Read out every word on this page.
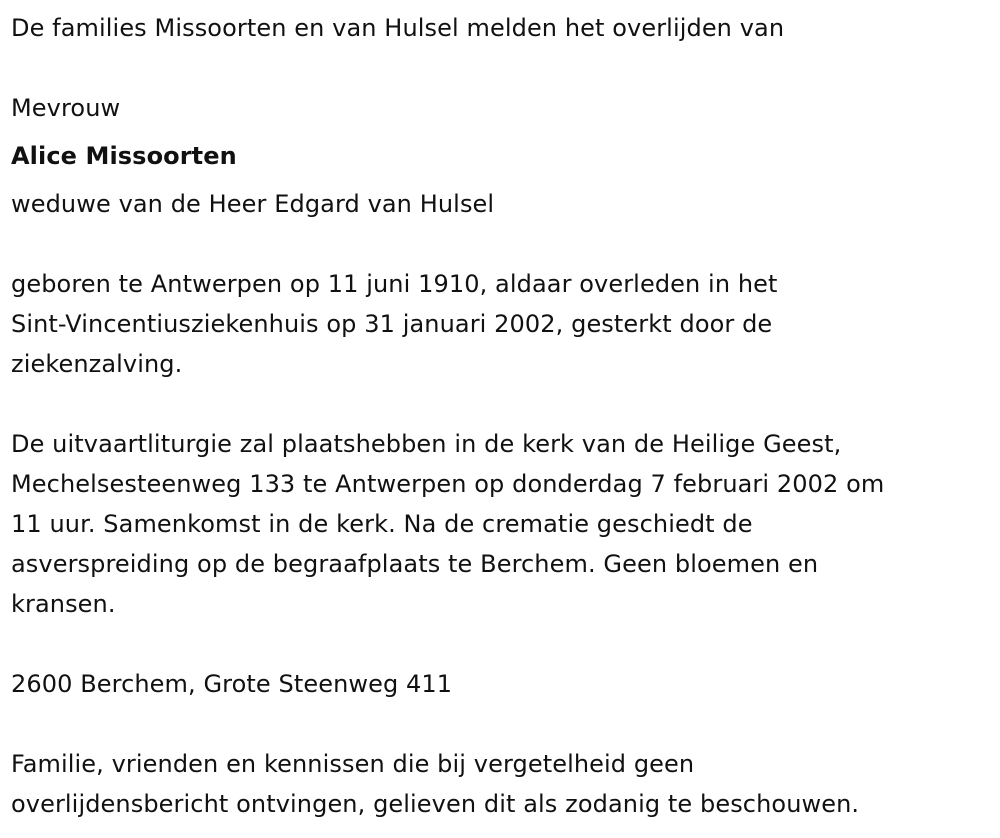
De families Missoorten en van Hulsel melden het overlijden van
Mevrouw
Alice Missoorten
weduwe van de Heer Edgard van Hulsel
geboren te Antwerpen op 11 juni 1910, aldaar overleden in het
Sint-Vincentiusziekenhuis op 31 januari 2002, gesterkt door de
ziekenzalving.
De uitvaartliturgie zal plaatshebben in de kerk van de Heilige Geest,
Mechelsesteenweg 133 te Antwerpen op donderdag 7 februari 2002 om
11 uur. Samenkomst in de kerk. Na de crematie geschiedt de
asverspreiding op de begraafplaats te Berchem. Geen bloemen en
kransen.
2600 Berchem, Grote Steenweg 411
Familie, vrienden en kennissen die bij vergetelheid geen
overlijdensbericht ontvingen, gelieven dit als zodanig te beschouwen.
